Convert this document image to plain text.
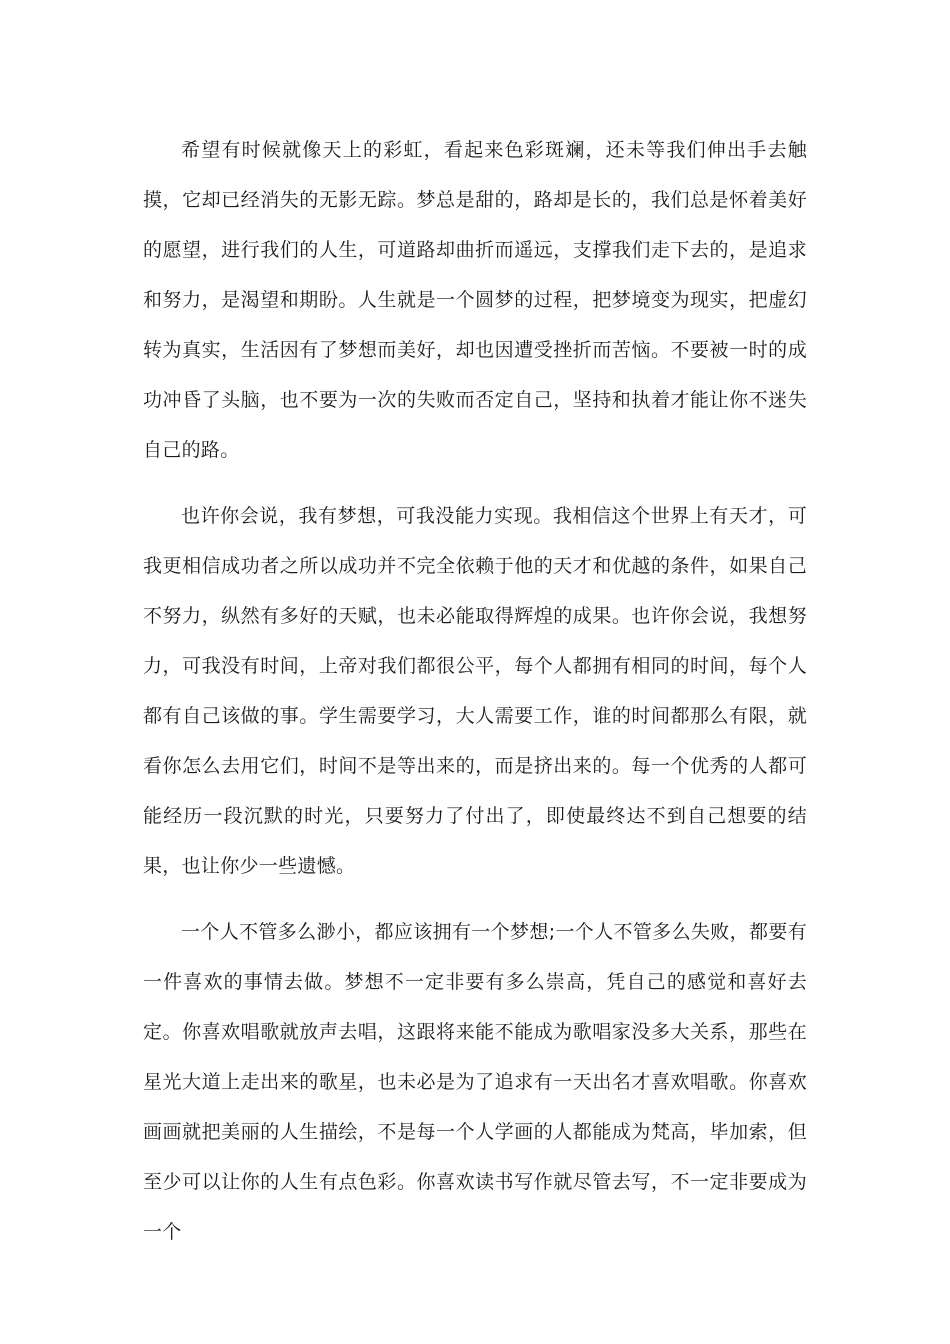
希望有时候就像天上的彩虹，看起来色彩斑斓，还未等我们伸出手去触摸，它却已经消失的无影无踪。梦总是甜的，路却是长的，我们总是怀着美好的愿望，进行我们的人生，可道路却曲折而遥远，支撑我们走下去的，是追求和努力，是渴望和期盼。人生就是一个圆梦的过程，把梦境变为现实，把虚幻转为真实，生活因有了梦想而美好，却也因遭受挫折而苦恼。不要被一时的成功冲昏了头脑，也不要为一次的失败而否定自己，坚持和执着才能让你不迷失自己的路。

也许你会说，我有梦想，可我没能力实现。我相信这个世界上有天才，可我更相信成功者之所以成功并不完全依赖于他的天才和优越的条件，如果自己不努力，纵然有多好的天赋，也未必能取得辉煌的成果。也许你会说，我想努力，可我没有时间，上帝对我们都很公平，每个人都拥有相同的时间，每个人都有自己该做的事。学生需要学习，大人需要工作，谁的时间都那么有限，就看你怎么去用它们，时间不是等出来的，而是挤出来的。每一个优秀的人都可能经历一段沉默的时光，只要努力了付出了，即使最终达不到自己想要的结果，也让你少一些遗憾。

一个人不管多么渺小，都应该拥有一个梦想;一个人不管多么失败，都要有一件喜欢的事情去做。梦想不一定非要有多么崇高，凭自己的感觉和喜好去定。你喜欢唱歌就放声去唱，这跟将来能不能成为歌唱家没多大关系，那些在星光大道上走出来的歌星，也未必是为了追求有一天出名才喜欢唱歌。你喜欢画画就把美丽的人生描绘，不是每一个人学画的人都能成为梵高，毕加索，但至少可以让你的人生有点色彩。你喜欢读书写作就尽管去写，不一定非要成为一个
